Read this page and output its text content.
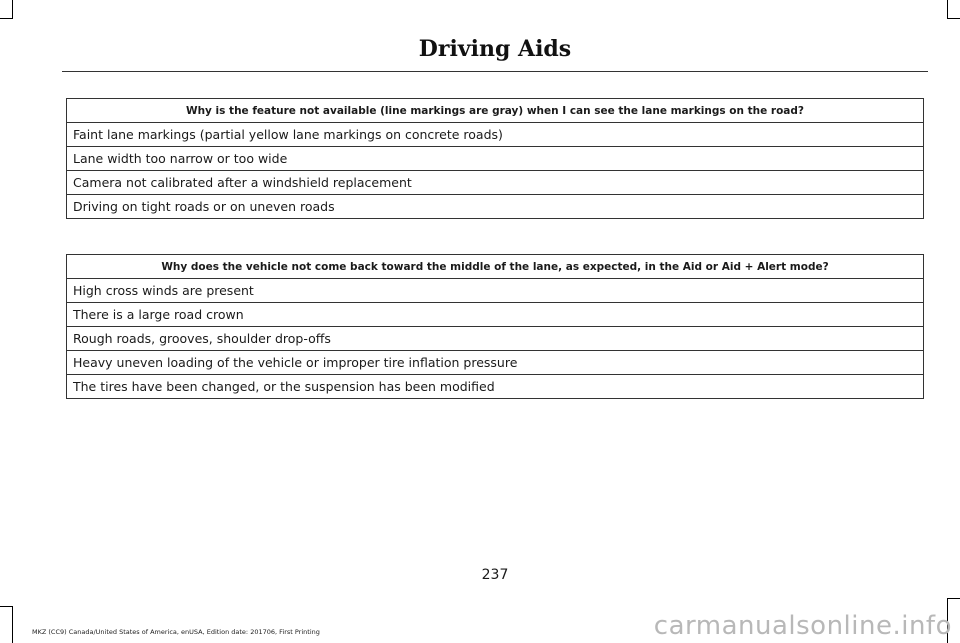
Driving Aids
Why is the feature not available (line markings are gray) when I can see the lane markings on the road?
Faint lane markings (partial yellow lane markings on concrete roads)
Lane width too narrow or too wide
Camera not calibrated after a windshield replacement
Driving on tight roads or on uneven roads
Why does the vehicle not come back toward the middle of the lane, as expected, in the Aid or Aid + Alert mode?
High cross winds are present
There is a large road crown
Rough roads, grooves, shoulder drop-offs
Heavy uneven loading of the vehicle or improper tire inflation pressure
The tires have been changed, or the suspension has been modified
237
MKZ (CC9) Canada/United States of America, enUSA, Edition date: 201706, First Printing	carmanualsonline.info
